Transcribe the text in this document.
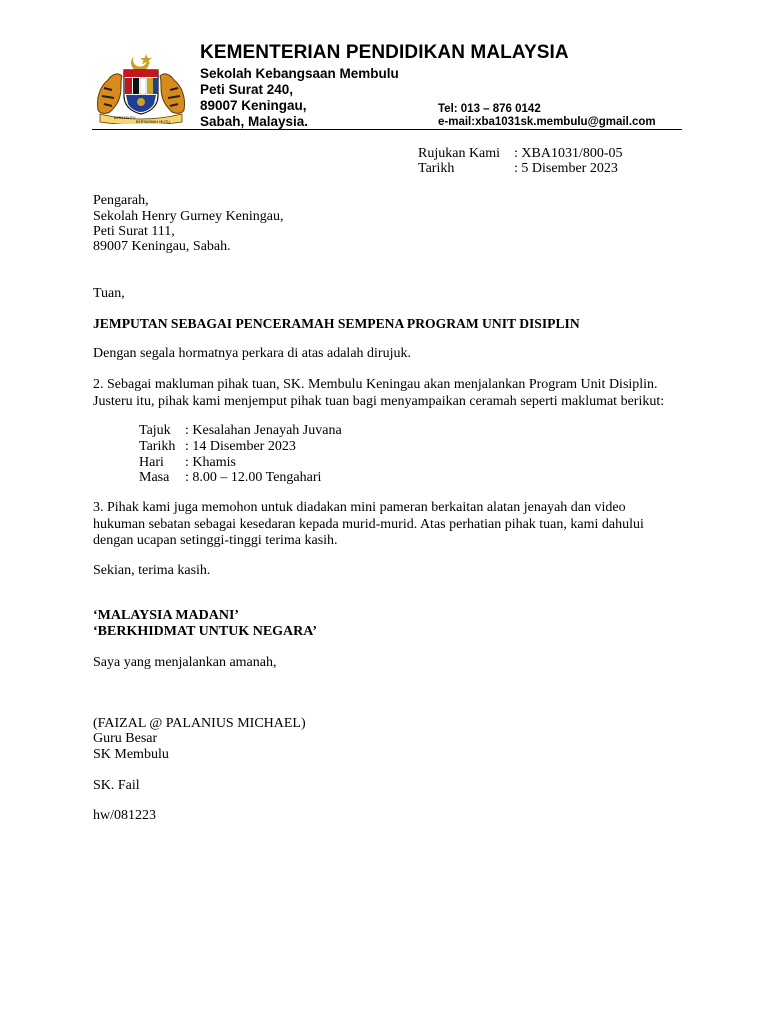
BERSEKUTU
BERTAMBAH MUTU
KEMENTERIAN PENDIDIKAN MALAYSIA
Sekolah Kebangsaan Membulu
Peti Surat 240,
89007 Keningau,
Sabah, Malaysia.
Tel: 013 – 876 0142
e-mail:xba1031sk.membulu@gmail.com
Rujukan Kami : XBA1031/800-05
Tarikh	: 5 Disember 2023
Pengarah,
Sekolah Henry Gurney Keningau,
Peti Surat 111,
89007 Keningau, Sabah.
Tuan,
JEMPUTAN SEBAGAI PENCERAMAH SEMPENA PROGRAM UNIT DISIPLIN
Dengan segala hormatnya perkara di atas adalah dirujuk.
2. Sebagai makluman pihak tuan, SK. Membulu Keningau akan menjalankan Program Unit Disiplin.
Justeru itu, pihak kami menjemput pihak tuan bagi menyampaikan ceramah seperti maklumat berikut:
Tajuk : Kesalahan Jenayah Juvana
Tarikh : 14 Disember 2023
Hari : Khamis
Masa : 8.00 – 12.00 Tengahari
3. Pihak kami juga memohon untuk diadakan mini pameran berkaitan alatan jenayah dan video
hukuman sebatan sebagai kesedaran kepada murid-murid. Atas perhatian pihak tuan, kami dahului
dengan ucapan setinggi-tinggi terima kasih.
Sekian, terima kasih.
‘MALAYSIA MADANI’
‘BERKHIDMAT UNTUK NEGARA’
Saya yang menjalankan amanah,
(FAIZAL @ PALANIUS MICHAEL)
Guru Besar
SK Membulu
SK. Fail
hw/081223
